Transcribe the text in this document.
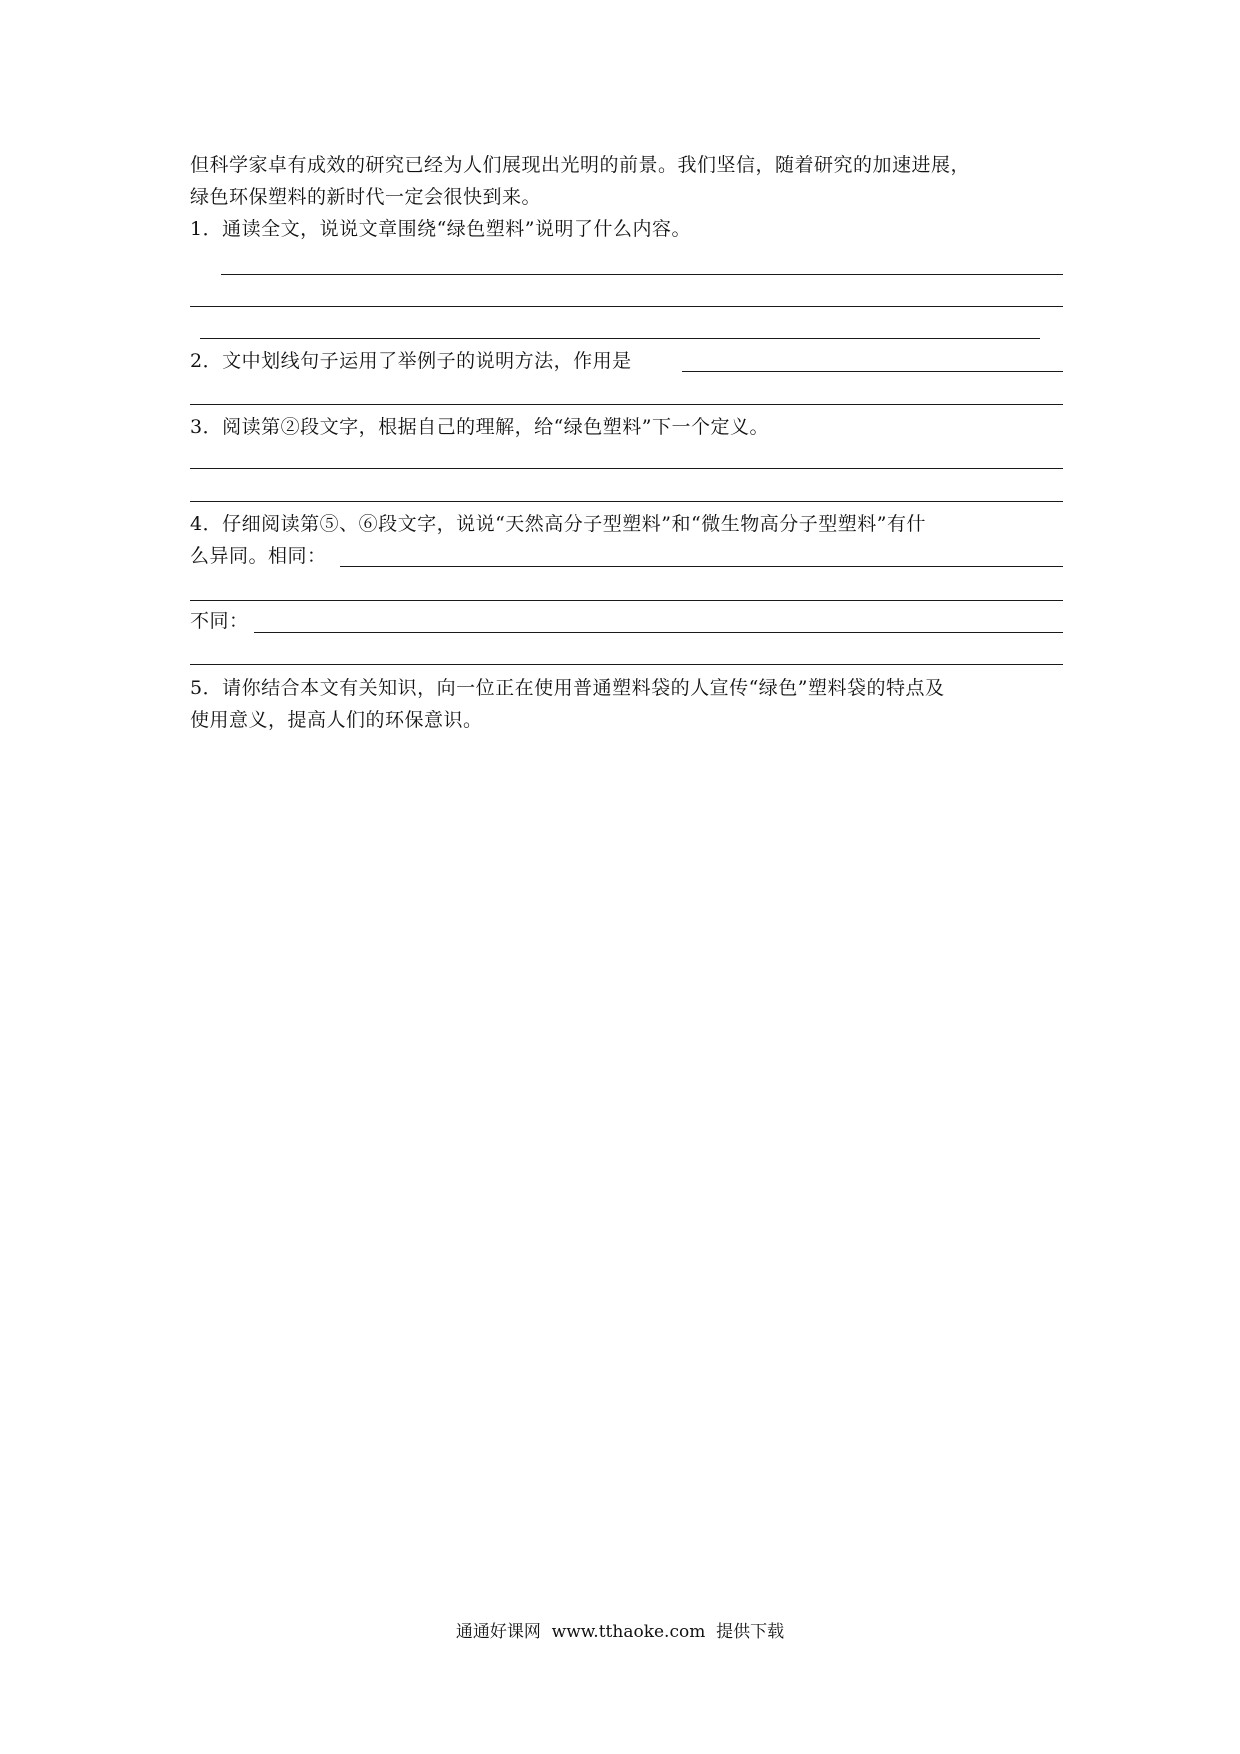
但科学家卓有成效的研究已经为人们展现出光明的前景。我们坚信，随着研究的加速进展，
绿色环保塑料的新时代一定会很快到来。
1．通读全文，说说文章围绕“绿色塑料”说明了什么内容。
2．文中划线句子运用了举例子的说明方法，作用是
3．阅读第②段文字，根据自己的理解，给“绿色塑料”下一个定义。
4．仔细阅读第⑤、⑥段文字，说说“天然高分子型塑料”和“微生物高分子型塑料”有什
么异同。相同：
不同：
5．请你结合本文有关知识，向一位正在使用普通塑料袋的人宣传“绿色”塑料袋的特点及
使用意义，提高人们的环保意识。
通通好课网  www.tthaoke.com  提供下载
